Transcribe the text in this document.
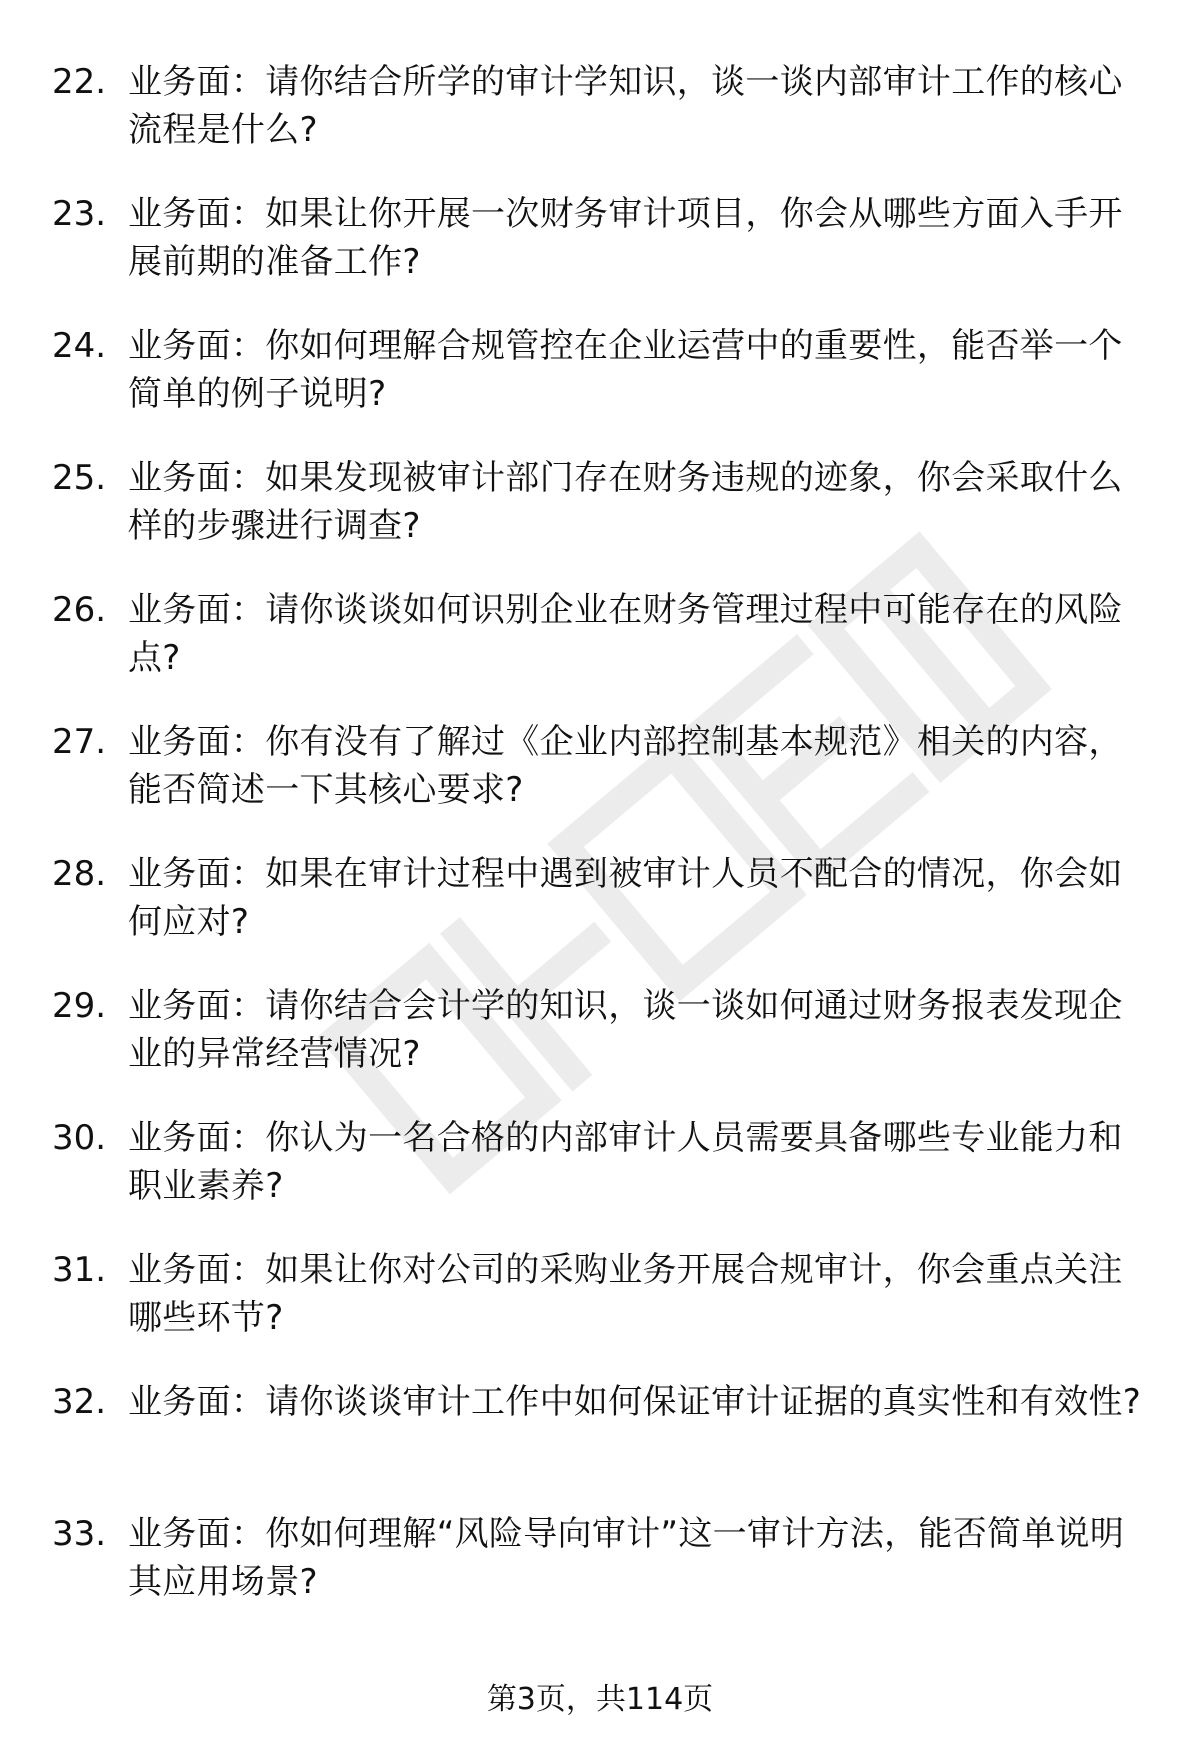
22. 业务面：请你结合所学的审计学知识，谈一谈内部审计工作的核心流程是什么?
23. 业务面：如果让你开展一次财务审计项目，你会从哪些方面入手开展前期的准备工作?
24. 业务面：你如何理解合规管控在企业运营中的重要性，能否举一个简单的例子说明?
25. 业务面：如果发现被审计部门存在财务违规的迹象，你会采取什么样的步骤进行调查?
26. 业务面：请你谈谈如何识别企业在财务管理过程中可能存在的风险点?
27. 业务面：你有没有了解过《企业内部控制基本规范》相关的内容，能否简述一下其核心要求?
28. 业务面：如果在审计过程中遇到被审计人员不配合的情况，你会如何应对?
29. 业务面：请你结合会计学的知识，谈一谈如何通过财务报表发现企业的异常经营情况?
30. 业务面：你认为一名合格的内部审计人员需要具备哪些专业能力和职业素养?
31. 业务面：如果让你对公司的采购业务开展合规审计，你会重点关注哪些环节?
32. 业务面：请你谈谈审计工作中如何保证审计证据的真实性和有效性?
33. 业务面：你如何理解“风险导向审计”这一审计方法，能否简单说明其应用场景?
第3页，共114页
